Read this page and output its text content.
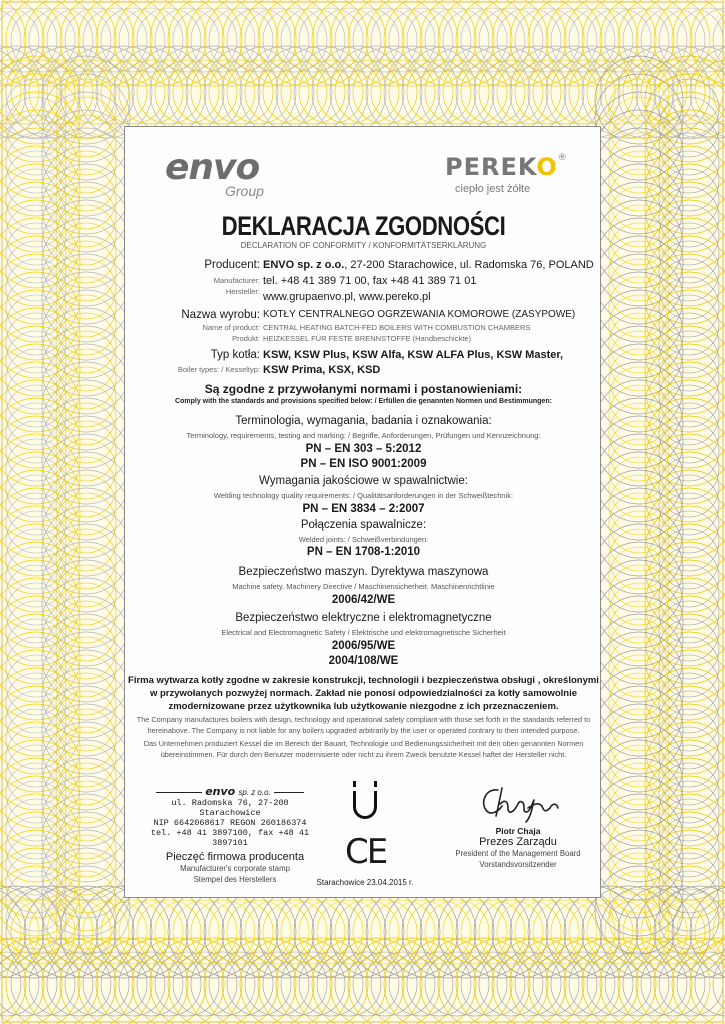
envo
Group
PEREKO®
ciepło jest żółte
DEKLARACJA ZGODNOŚCI
DECLARATION OF CONFORMITY / KONFORMITÄTSERKLÄRUNG
Producent:
Manufacturer:
Hersteller:
ENVO sp. z o.o., 27-200 Starachowice, ul. Radomska 76, POLAND
tel. +48 41 389 71 00, fax +48 41 389 71 01
www.grupaenvo.pl, www.pereko.pl
Nazwa wyrobu:
Name of product:
Produkt:
KOTŁY CENTRALNEGO OGRZEWANIA KOMOROWE (ZASYPOWE)
CENTRAL HEATING BATCH-FED BOILERS WITH COMBUSTION CHAMBERS
HEIZKESSEL FÜR FESTE BRENNSTOFFE (Handbeschickte)
Typ kotła:
Boiler types: / Kesseltyp:
KSW, KSW Plus, KSW Alfa, KSW ALFA Plus, KSW Master,
KSW Prima, KSX, KSD
Są zgodne z przywołanymi normami i postanowieniami:
Comply with the standards and provisions specified below: / Erfüllen die genannten Normen und Bestimmungen:
Terminologia, wymagania, badania i oznakowania:
Terminology, requirements, testing and marking: / Begriffe, Anforderungen, Prüfungen und Kennzeichnung:
PN – EN 303 – 5:2012
PN – EN ISO 9001:2009
Wymagania jakościowe w spawalnictwie:
Welding technology quality requirements: / Qualitätsanforderungen in der Schweißtechnik:
PN – EN 3834 – 2:2007
Połączenia spawalnicze:
Welded joints: / Schweißverbindungen:
PN – EN 1708-1:2010
Bezpieczeństwo maszyn. Dyrektywa maszynowa
Machine safety. Machinery Directive / Maschinensicherheit. Maschinenrichtlinie
2006/42/WE
Bezpieczeństwo elektryczne i elektromagnetyczne
Electrical and Electromagnetic Safety / Elektrische und elektromagnetische Sicherheit
2006/95/WE
2004/108/WE
Firma wytwarza kotły zgodne w zakresie konstrukcji, technologii i bezpieczeństwa obsługi , określonymi
w przywołanych pozwyżej normach. Zakład nie ponosi odpowiedzialności za kotły samowolnie
zmodernizowane przez użytkownika lub użytkowanie niezgodne z ich przeznaczeniem.
The Company manufactures boilers with design, technology and operational safety compliant with those set forth in the standards referred to
hereinabove. The Company is not liable for any boilers upgraded arbitrarily by the user or operated contrary to their intended purpose.
Das Unternehmen produziert Kessel die im Bereich der Bauart, Technologie und Bedienungssicherheit mit den oben genannten Normen
übereinstimmen. Für durch den Benutzer modernisierte oder nicht zu ihrem Zweck benutzte Kessel haftet der Hersteller nicht.
envo sp. z o.o.
ul. Radomska 76, 27-200 Starachowice
NIP 6642068617 REGON 260186374
tel. +48 41 3897100, fax +48 41 3897101
Pieczęć firmowa producenta
Manufacturer's corporate stamp
Stempel des Herstellers
CE
Starachowice 23.04.2015 r.
Piotr Chaja
Prezes Zarządu
President of the Management Board
Vorstandsvorsitzender
